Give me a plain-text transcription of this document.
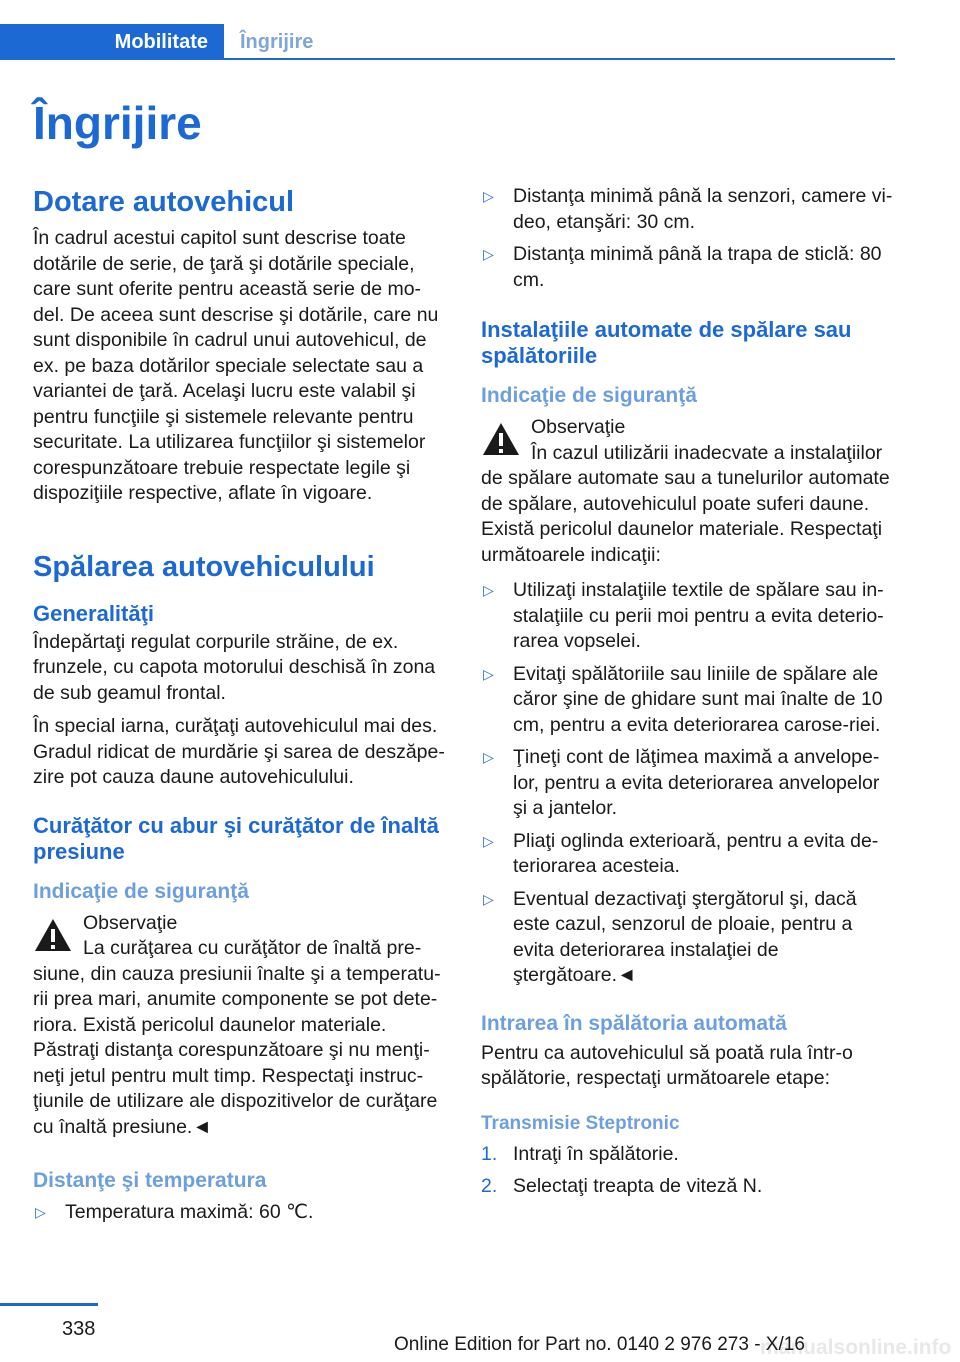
Mobilitate	Îngrijire
Îngrijire
Dotare autovehicul

În cadrul acestui capitol sunt descrise toate dotările de serie, de ţară şi dotările speciale, care sunt oferite pentru această serie de mo‐del. De aceea sunt descrise şi dotările, care nu sunt disponibile în cadrul unui autovehicul, de ex. pe baza dotărilor speciale selectate sau a variantei de ţară. Acelaşi lucru este valabil şi pentru funcţiile şi sistemele relevante pentru securitate. La utilizarea funcţiilor şi sistemelor corespunzătoare trebuie respectate legile şi dispoziţiile respective, aflate în vigoare.

Spălarea autovehiculului
Generalităţi

Îndepărtaţi regulat corpurile străine, de ex. frunzele, cu capota motorului deschisă în zona de sub geamul frontal.

În special iarna, curăţaţi autovehiculul mai des. Gradul ridicat de murdărie şi sarea de deszăpe‐zire pot cauza daune autovehiculului.

Curăţător cu abur şi curăţător de înaltă presiune
Indicaţie de siguranţă
Observaţie

La curăţarea cu curăţător de înaltă pre‐siune, din cauza presiunii înalte şi a temperatu‐rii prea mari, anumite componente se pot dete‐riora. Există pericolul daunelor materiale. Păstraţi distanţa corespunzătoare şi nu menţi‐neţi jetul pentru mult timp. Respectaţi instruc‐ţiunile de utilizare ale dispozitivelor de curăţare cu înaltă presiune.◄

Distanţe şi temperatura
▷ Temperatura maximă: 60 ℃.
▷ Distanţa minimă până la senzori, camere vi‐deo, etanşări: 30 cm.
▷ Distanţa minimă până la trapa de sticlă: 80 cm.
Instalaţiile automate de spălare sau spălătoriile
Indicaţie de siguranţă
Observaţie

În cazul utilizării inadecvate a instalaţiilor de spălare automate sau a tunelurilor automate de spălare, autovehiculul poate suferi daune. Există pericolul daunelor materiale. Respectaţi următoarele indicaţii:

▷ Utilizaţi instalaţiile textile de spălare sau in‐stalaţiile cu perii moi pentru a evita deterio‐rarea vopselei.
▷ Evitaţi spălătoriile sau liniile de spălare ale căror şine de ghidare sunt mai înalte de 10 cm, pentru a evita deteriorarea carose‐riei.
▷ Ţineţi cont de lăţimea maximă a anvelope‐lor, pentru a evita deteriorarea anvelopelor şi a jantelor.
▷ Pliaţi oglinda exterioară, pentru a evita de‐teriorarea acesteia.
▷ Eventual dezactivaţi ştergătorul şi, dacă este cazul, senzorul de ploaie, pentru a evita deteriorarea instalaţiei de ştergătoare.◄
Intrarea în spălătoria automată

Pentru ca autovehiculul să poată rula într-o spălătorie, respectaţi următoarele etape:

Transmisie Steptronic
1. Intraţi în spălătorie.
2. Selectaţi treapta de viteză N.
338
manualsonline.info
Online Edition for Part no. 0140 2 976 273 - X/16
